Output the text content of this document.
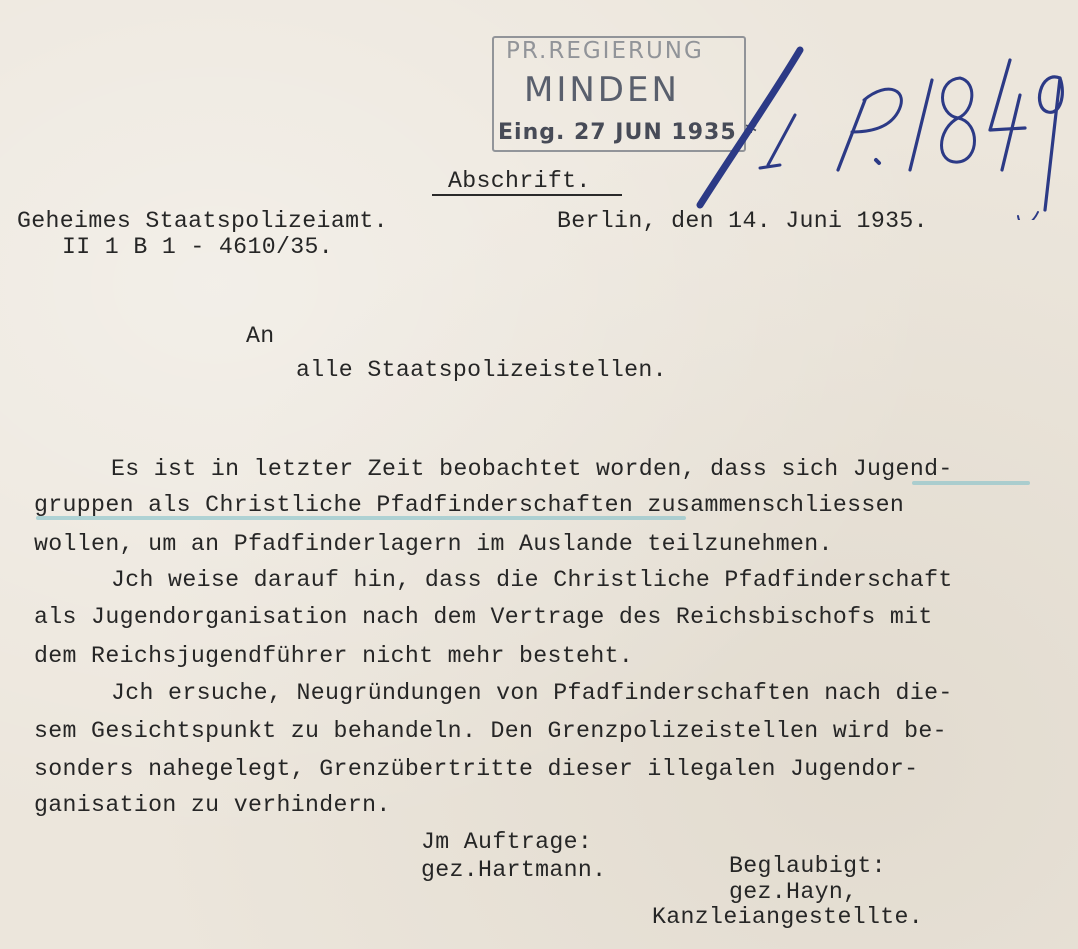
PR.REGIERUNG
MINDEN
Eing. 27 JUN 1935 *
Abschrift.
Geheimes Staatspolizeiamt.
II 1 B 1 - 4610/35.
Berlin, den 14. Juni 1935.
An
alle Staatspolizeistellen.
Es ist in letzter Zeit beobachtet worden, dass sich Jugend-
gruppen als Christliche Pfadfinderschaften zusammenschliessen
wollen, um an Pfadfinderlagern im Auslande teilzunehmen.
Jch weise darauf hin, dass die Christliche Pfadfinderschaft
als Jugendorganisation nach dem Vertrage des Reichsbischofs mit
dem Reichsjugendführer nicht mehr besteht.
Jch ersuche, Neugründungen von Pfadfinderschaften nach die-
sem Gesichtspunkt zu behandeln. Den Grenzpolizeistellen wird be-
sonders nahegelegt, Grenzübertritte dieser illegalen Jugendor-
ganisation zu verhindern.
Jm Auftrage:
gez.Hartmann.	Beglaubigt:
gez.Hayn,
Kanzleiangestellte.
